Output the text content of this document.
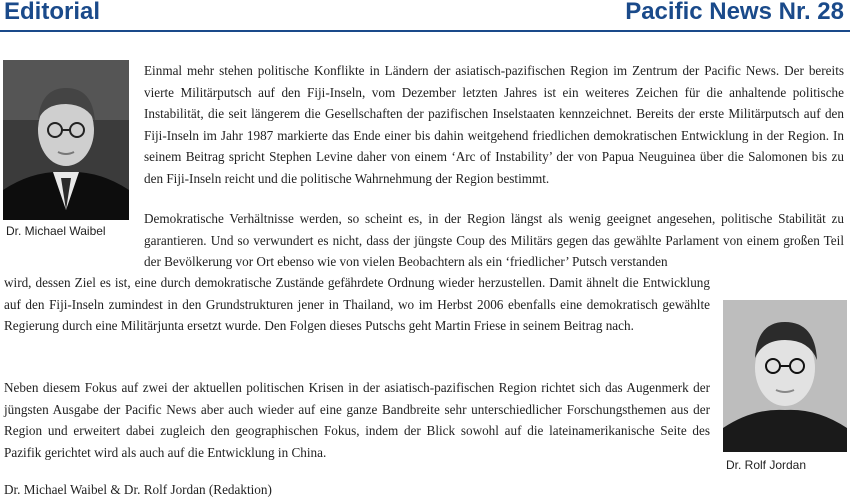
Editorial	Pacific News Nr. 28
Dr. Michael Waibel
Dr. Rolf Jordan
Einmal mehr stehen politische Konflikte in Ländern der asiatisch-pazifischen Region im Zentrum der Pacific News. Der bereits vierte Militärputsch auf den Fiji-Inseln, vom Dezember letzten Jahres ist ein weiteres Zeichen für die anhaltende politische Instabilität, die seit längerem die Gesellschaften der pazifischen Inselstaaten kennzeichnet. Bereits der erste Militärputsch auf den Fiji-Inseln im Jahr 1987 markierte das Ende einer bis dahin weitgehend friedlichen demokratischen Entwicklung in der Region. In seinem Beitrag spricht Stephen Levine daher von einem ‘Arc of Instability’ der von Papua Neuguinea über die Salomonen bis zu den Fiji-Inseln reicht und die politische Wahrnehmung der Region bestimmt.
Demokratische Verhältnisse werden, so scheint es, in der Region längst als wenig geeignet angesehen, politische Stabilität zu garantieren. Und so verwundert es nicht, dass der jüngste Coup des Militärs gegen das gewählte Parlament von einem großen Teil der Bevölkerung vor Ort ebenso wie von vielen Beobachtern als ein ‘friedlicher’ Putsch verstanden
wird, dessen Ziel es ist, eine durch demokratische Zustände gefährdete Ordnung wieder herzustellen. Damit ähnelt die Entwicklung auf den Fiji-Inseln zumindest in den Grundstrukturen jener in Thailand, wo im Herbst 2006 ebenfalls eine demokratisch gewählte Regierung durch eine Militärjunta ersetzt wurde. Den Folgen dieses Putschs geht Martin Friese in seinem Beitrag nach.
Neben diesem Fokus auf zwei der aktuellen politischen Krisen in der asiatisch-pazifischen Region richtet sich das Augenmerk der jüngsten Ausgabe der Pacific News aber auch wieder auf eine ganze Bandbreite sehr unterschiedlicher Forschungsthemen aus der Region und erweitert dabei zugleich den geographischen Fokus, indem der Blick sowohl auf die lateinamerikanische Seite des Pazifik gerichtet wird als auch auf die Entwicklung in China.
Dr. Michael Waibel & Dr. Rolf Jordan (Redaktion)
